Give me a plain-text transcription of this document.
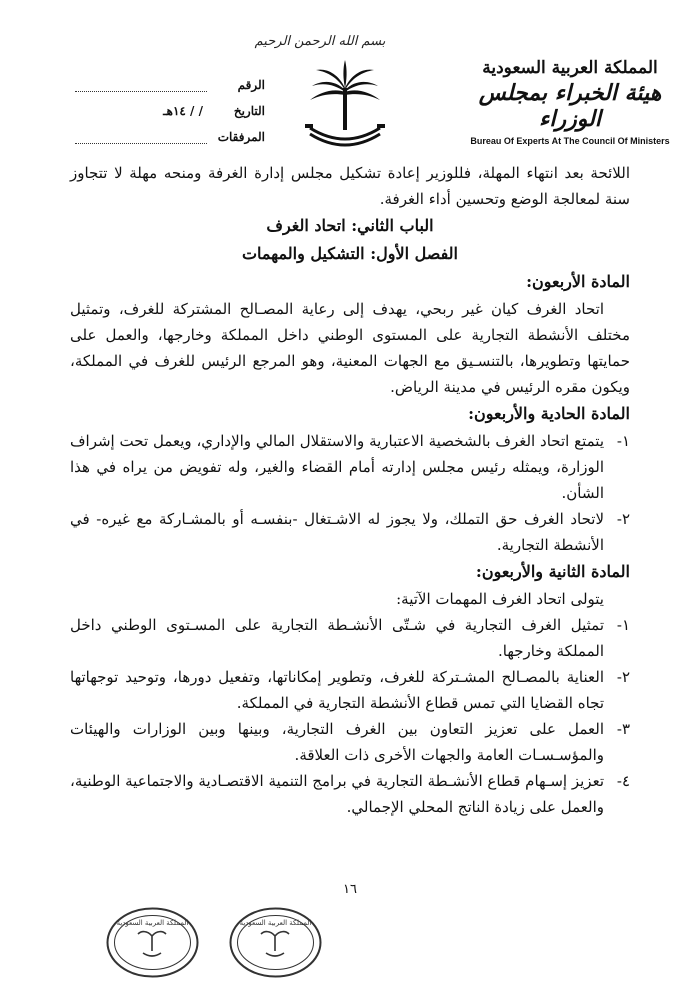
بسم الله الرحمن الرحيم
المملكة العربية السعودية
هيئة الخبراء بمجلس الوزراء
Bureau Of Experts At The Council Of Ministers
الرقم
التاريخ
/ / ١٤هـ
المرفقات

اللائحة بعد انتهاء المهلة، فللوزير إعادة تشكيل مجلس إدارة الغرفة ومنحه مهلة لا تتجاوز سنة لمعالجة الوضع وتحسين أداء الغرفة.

الباب الثاني: اتحاد الغرف

الفصل الأول: التشكيل والمهمات

المادة الأربعون:

اتحاد الغرف كيان غير ربحي، يهدف إلى رعاية المصـالح المشتركة للغرف، وتمثيل مختلف الأنشطة التجارية على المستوى الوطني داخل المملكة وخارجها، والعمل على حمايتها وتطويرها، بالتنسـيق مع الجهات المعنية، وهو المرجع الرئيس للغرف في المملكة، ويكون مقره الرئيس في مدينة الرياض.

المادة الحادية والأربعون:

١-
يتمتع اتحاد الغرف بالشخصية الاعتبارية والاستقلال المالي والإداري، ويعمل تحت إشراف الوزارة، ويمثله رئيس مجلس إدارته أمام القضاء والغير، وله تفويض من يراه في هذا الشأن.
٢-
لاتحاد الغرف حق التملك، ولا يجوز له الاشـتغال -بنفسـه أو بالمشـاركة مع غيره- في الأنشطة التجارية.

المادة الثانية والأربعون:

يتولى اتحاد الغرف المهمات الآتية:

١-
تمثيل الغرف التجارية في شـتّى الأنشـطة التجارية على المسـتوى الوطني داخل المملكة وخارجها.
٢-
العناية بالمصـالح المشـتركة للغرف، وتطوير إمكاناتها، وتفعيل دورها، وتوحيد توجهاتها تجاه القضايا التي تمس قطاع الأنشطة التجارية في المملكة.
٣-
العمل على تعزيز التعاون بين الغرف التجارية، وبينها وبين الوزارات والهيئات والمؤسـسـات العامة والجهات الأخرى ذات العلاقة.
٤-
تعزيز إسـهام قطاع الأنشـطة التجارية في برامج التنمية الاقتصـادية والاجتماعية الوطنية، والعمل على زيادة الناتج المحلي الإجمالي.
١٦
المملكة العربية السعودية	المملكة العربية السعودية
